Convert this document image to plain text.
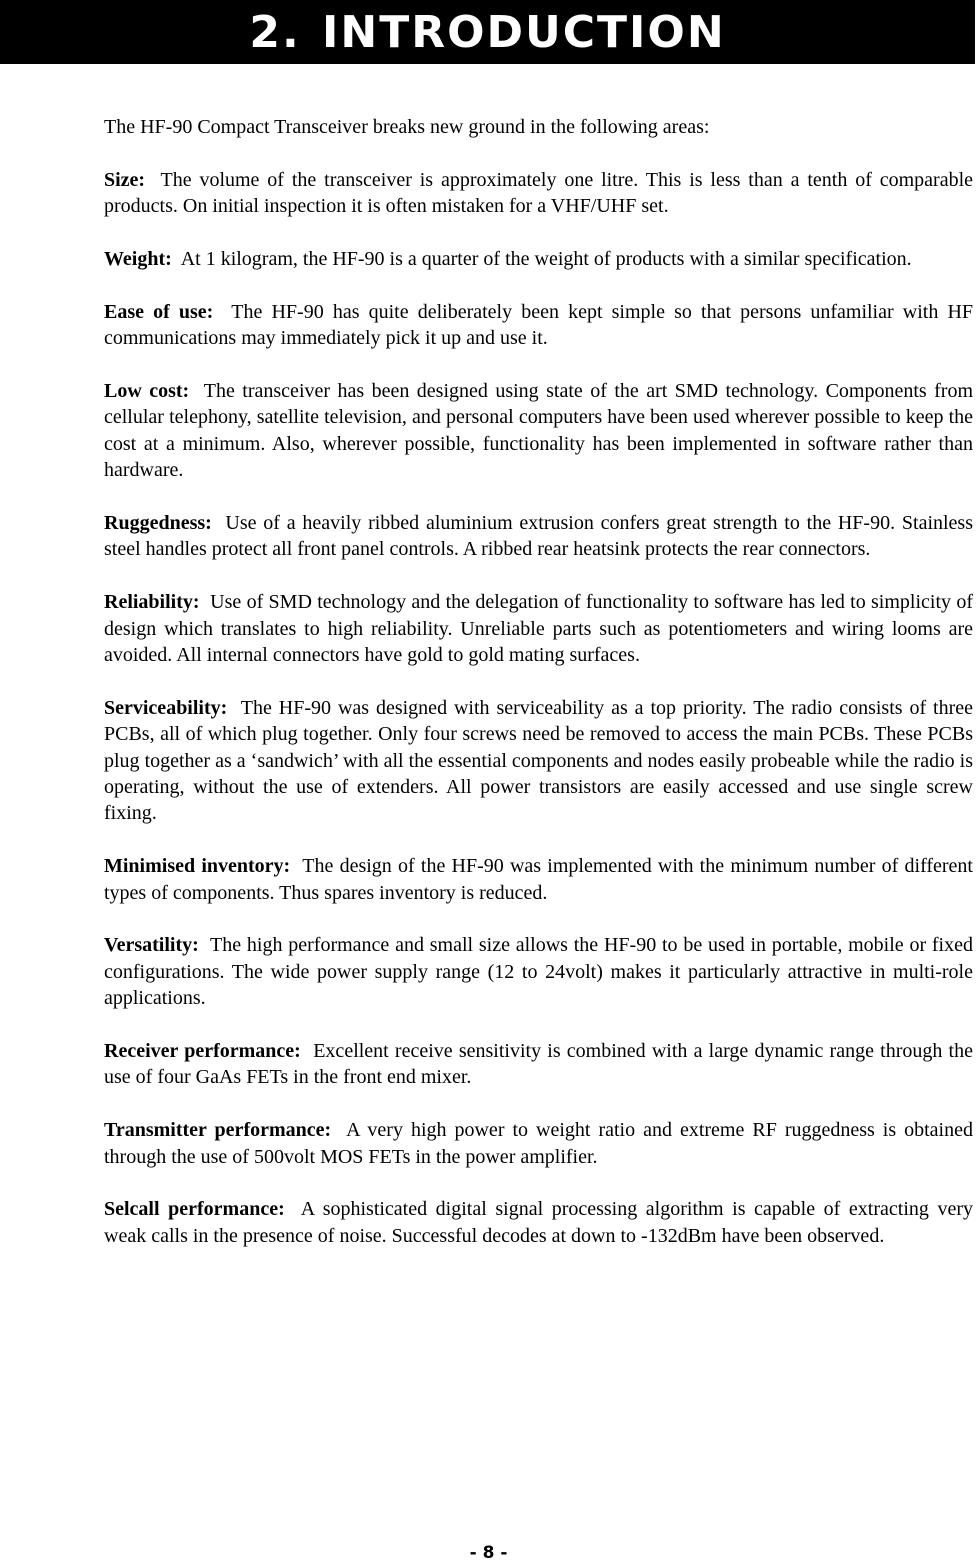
2. INTRODUCTION

The HF-90 Compact Transceiver breaks new ground in the following areas:

Size: The volume of the transceiver is approximately one litre. This is less than a tenth of comparable products. On initial inspection it is often mistaken for a VHF/UHF set.

Weight: At 1 kilogram, the HF-90 is a quarter of the weight of products with a similar specification.

Ease of use: The HF-90 has quite deliberately been kept simple so that persons unfamiliar with HF communications may immediately pick it up and use it.

Low cost: The transceiver has been designed using state of the art SMD technology. Components from cellular telephony, satellite television, and personal computers have been used wherever possible to keep the cost at a minimum. Also, wherever possible, functionality has been implemented in software rather than hardware.

Ruggedness: Use of a heavily ribbed aluminium extrusion confers great strength to the HF-90. Stainless steel handles protect all front panel controls. A ribbed rear heatsink protects the rear connectors.

Reliability: Use of SMD technology and the delegation of functionality to software has led to simplicity of design which translates to high reliability. Unreliable parts such as potentiometers and wiring looms are avoided. All internal connectors have gold to gold mating surfaces.

Serviceability: The HF-90 was designed with serviceability as a top priority. The radio consists of three PCBs, all of which plug together. Only four screws need be removed to access the main PCBs. These PCBs plug together as a ‘sandwich’ with all the essential components and nodes easily probeable while the radio is operating, without the use of extenders. All power transistors are easily accessed and use single screw fixing.

Minimised inventory: The design of the HF-90 was implemented with the minimum number of different types of components. Thus spares inventory is reduced.

Versatility: The high performance and small size allows the HF-90 to be used in portable, mobile or fixed configurations. The wide power supply range (12 to 24volt) makes it particularly attractive in multi-role applications.

Receiver performance: Excellent receive sensitivity is combined with a large dynamic range through the use of four GaAs FETs in the front end mixer.

Transmitter performance: A very high power to weight ratio and extreme RF ruggedness is obtained through the use of 500volt MOS FETs in the power amplifier.

Selcall performance: A sophisticated digital signal processing algorithm is capable of extracting very weak calls in the presence of noise. Successful decodes at down to -132dBm have been observed.

- 8 -
